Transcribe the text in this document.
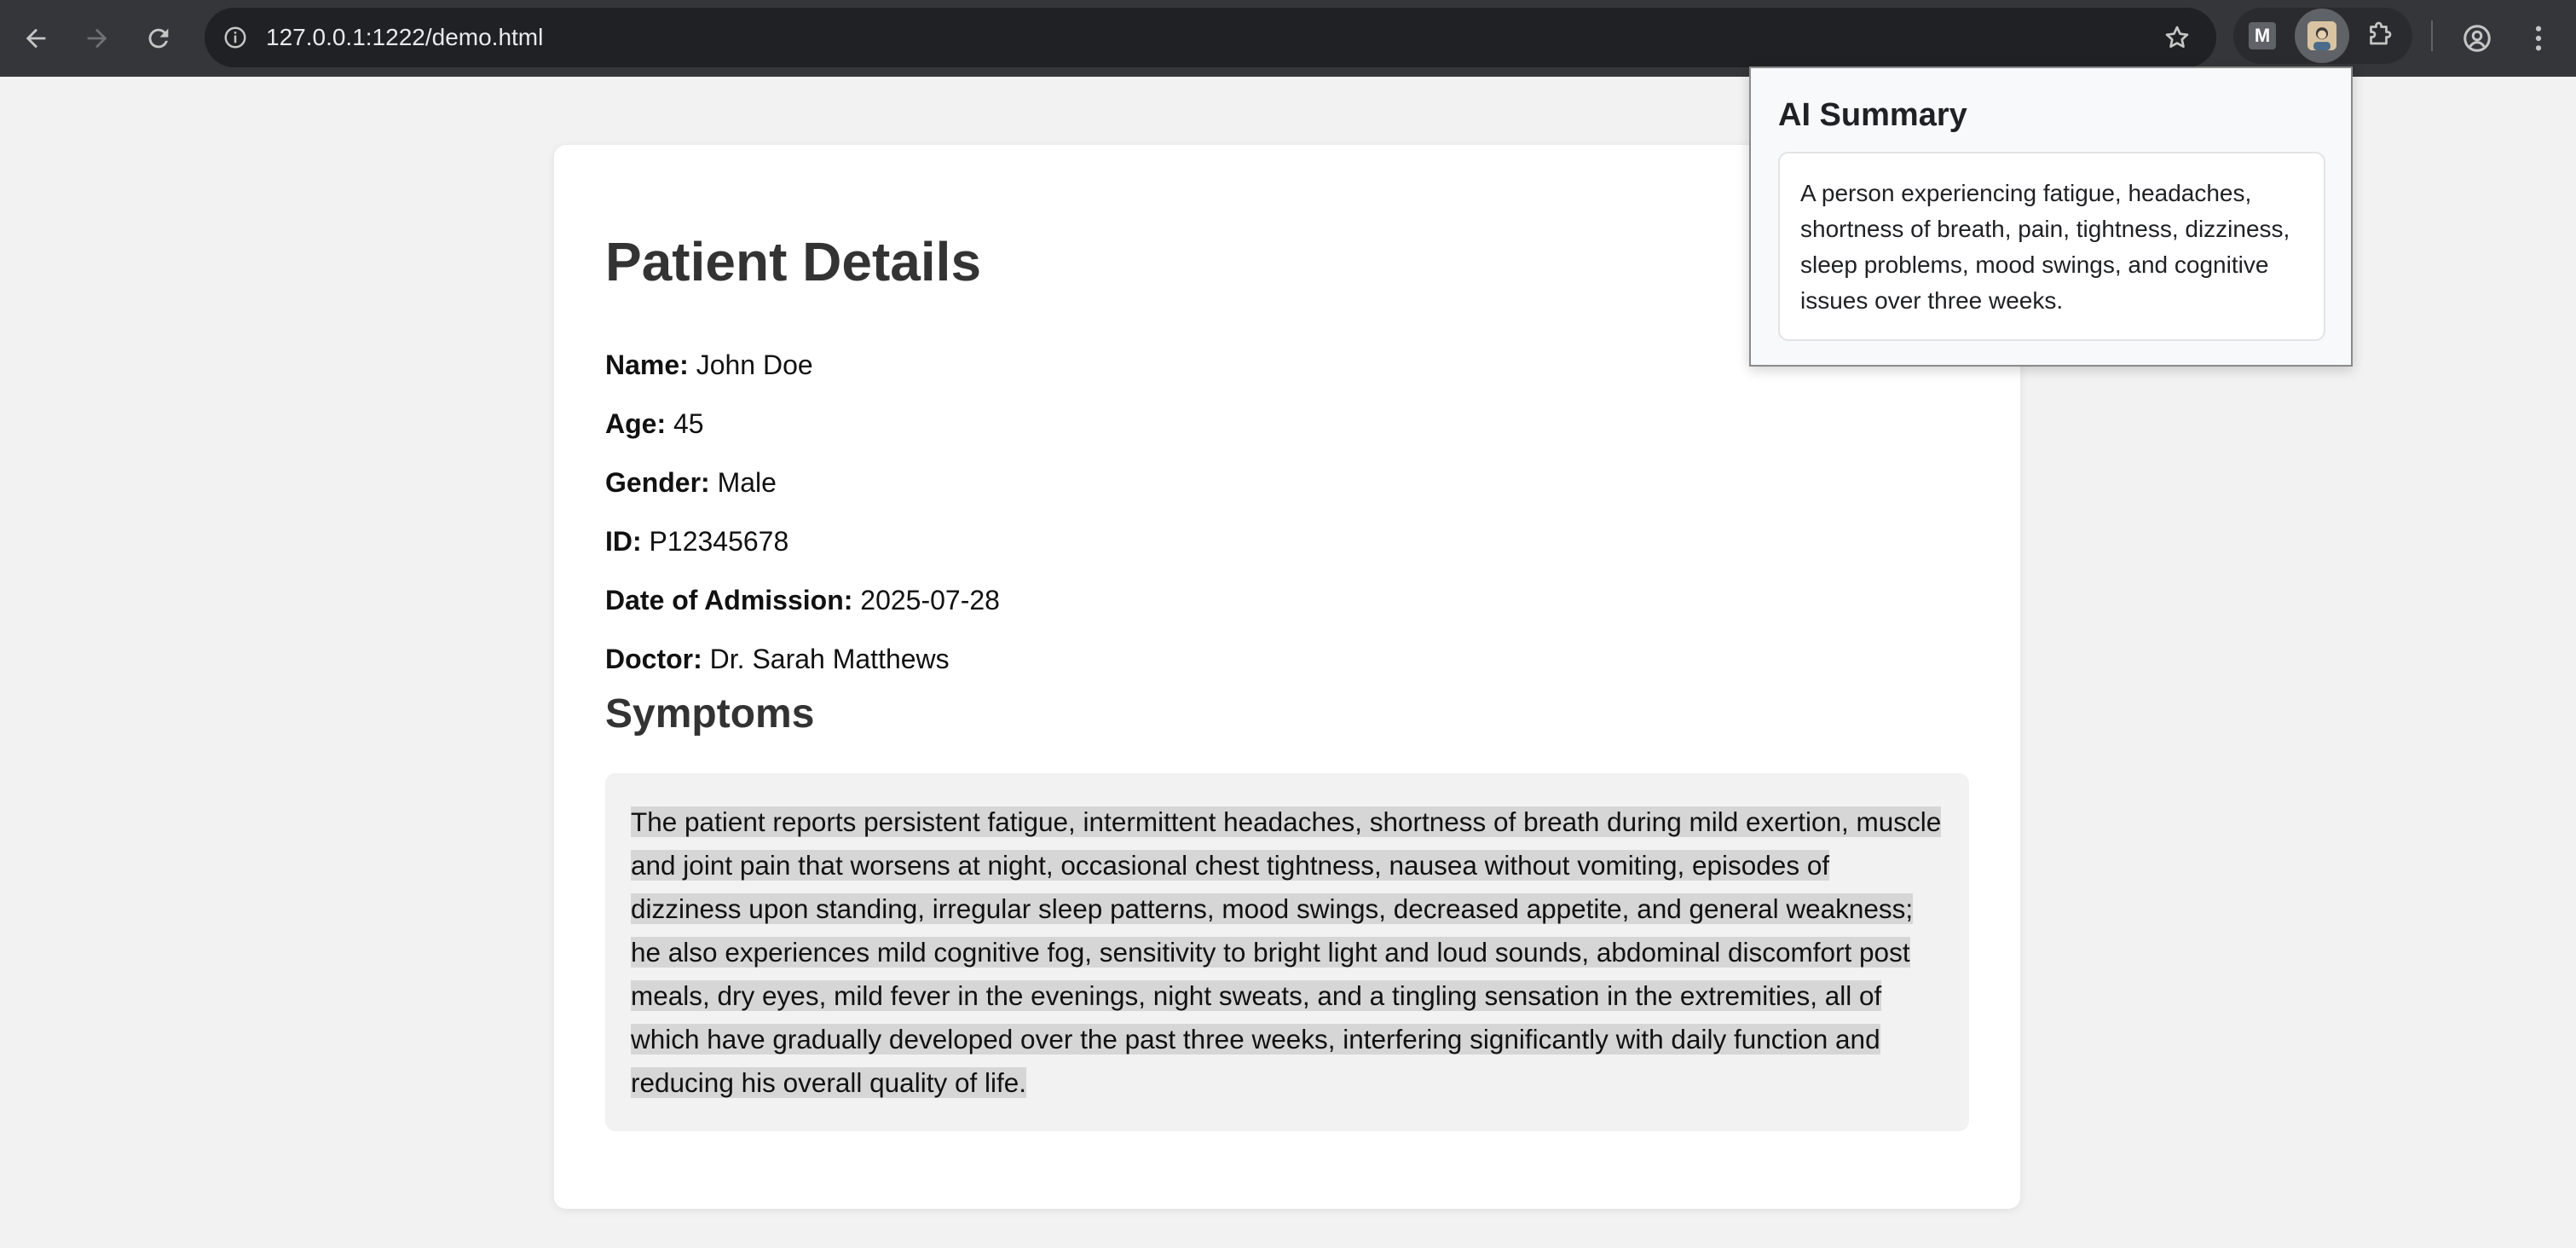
127.0.0.1:1222/demo.html	M
Patient Details
Name: John Doe
Age: 45
Gender: Male
ID: P12345678
Date of Admission: 2025-07-28
Doctor: Dr. Sarah Matthews
Symptoms

The patient reports persistent fatigue, intermittent headaches, shortness of breath during mild exertion, muscle and joint pain that worsens at night, occasional chest tightness, nausea without vomiting, episodes of dizziness upon standing, irregular sleep patterns, mood swings, decreased appetite, and general weakness; he also experiences mild cognitive fog, sensitivity to bright light and loud sounds, abdominal discomfort post meals, dry eyes, mild fever in the evenings, night sweats, and a tingling sensation in the extremities, all of which have gradually developed over the past three weeks, interfering significantly with daily function and reducing his overall quality of life.

AI Summary

A person experiencing fatigue, headaches, shortness of breath, pain, tightness, dizziness, sleep problems, mood swings, and cognitive issues over three weeks.
